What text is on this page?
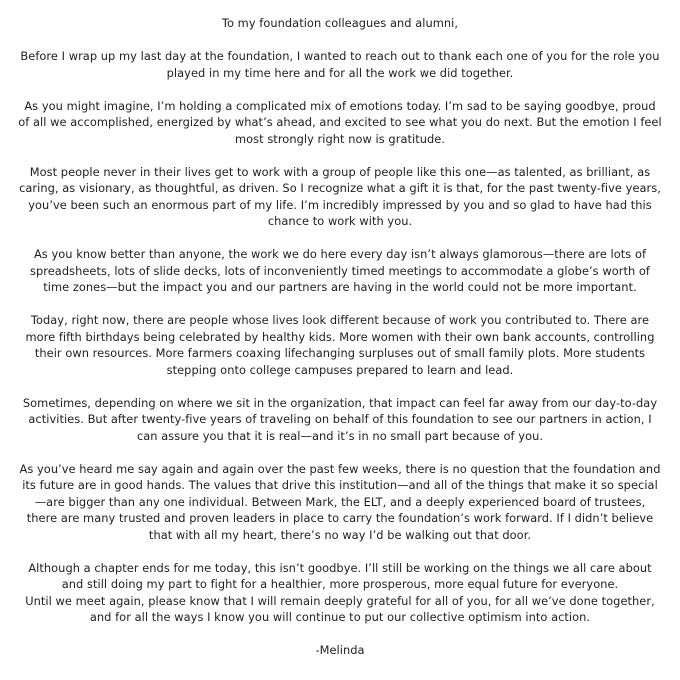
To my foundation colleagues and alumni,

Before I wrap up my last day at the foundation, I wanted to reach out to thank each one of you for the role you played in my time here and for all the work we did together.

As you might imagine, I’m holding a complicated mix of emotions today. I’m sad to be saying goodbye, proud of all we accomplished, energized by what’s ahead, and excited to see what you do next. But the emotion I feel most strongly right now is gratitude.

Most people never in their lives get to work with a group of people like this one—as talented, as brilliant, as caring, as visionary, as thoughtful, as driven. So I recognize what a gift it is that, for the past twenty-five years, you’ve been such an enormous part of my life. I’m incredibly impressed by you and so glad to have had this chance to work with you.

As you know better than anyone, the work we do here every day isn’t always glamorous—there are lots of spreadsheets, lots of slide decks, lots of inconveniently timed meetings to accommodate a globe’s worth of time zones—but the impact you and our partners are having in the world could not be more important.

Today, right now, there are people whose lives look different because of work you contributed to. There are more fifth birthdays being celebrated by healthy kids. More women with their own bank accounts, controlling their own resources. More farmers coaxing lifechanging surpluses out of small family plots. More students stepping onto college campuses prepared to learn and lead.

Sometimes, depending on where we sit in the organization, that impact can feel far away from our day-to-day activities. But after twenty-five years of traveling on behalf of this foundation to see our partners in action, I can assure you that it is real—and it’s in no small part because of you.

As you’ve heard me say again and again over the past few weeks, there is no question that the foundation and its future are in good hands. The values that drive this institution—and all of the things that make it so special—are bigger than any one individual. Between Mark, the ELT, and a deeply experienced board of trustees, there are many trusted and proven leaders in place to carry the foundation’s work forward. If I didn’t believe that with all my heart, there’s no way I’d be walking out that door.

Although a chapter ends for me today, this isn’t goodbye. I’ll still be working on the things we all care about and still doing my part to fight for a healthier, more prosperous, more equal future for everyone.

Until we meet again, please know that I will remain deeply grateful for all of you, for all we’ve done together, and for all the ways I know you will continue to put our collective optimism into action.

-Melinda
